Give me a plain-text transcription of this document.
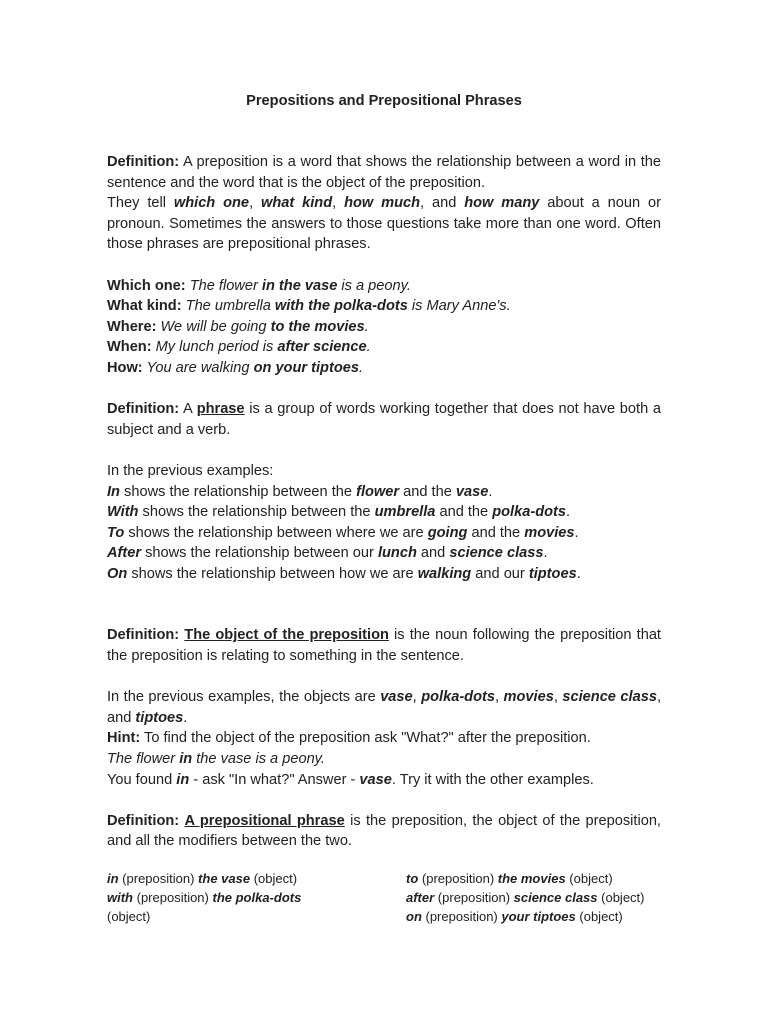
Prepositions and Prepositional Phrases

Definition: A preposition is a word that shows the relationship between a word in the sentence and the word that is the object of the preposition.

They tell which one, what kind, how much, and how many about a noun or pronoun. Sometimes the answers to those questions take more than one word. Often those phrases are prepositional phrases.

Which one: The flower in the vase is a peony.

What kind: The umbrella with the polka-dots is Mary Anne's.

Where: We will be going to the movies.

When: My lunch period is after science.

How: You are walking on your tiptoes.

Definition: A phrase is a group of words working together that does not have both a subject and a verb.

In the previous examples:

In shows the relationship between the flower and the vase.

With shows the relationship between the umbrella and the polka-dots.

To shows the relationship between where we are going and the movies.

After shows the relationship between our lunch and science class.

On shows the relationship between how we are walking and our tiptoes.

Definition: The object of the preposition is the noun following the preposition that the preposition is relating to something in the sentence.

In the previous examples, the objects are vase, polka-dots, movies, science class, and tiptoes.

Hint: To find the object of the preposition ask "What?" after the preposition.

The flower in the vase is a peony.

You found in - ask "In what?" Answer - vase. Try it with the other examples.

Definition: A prepositional phrase is the preposition, the object of the preposition, and all the modifiers between the two.

in (preposition) the vase (object)

with (preposition) the polka-dots (object)

to (preposition) the movies (object)

after (preposition) science class (object)

on (preposition) your tiptoes (object)
